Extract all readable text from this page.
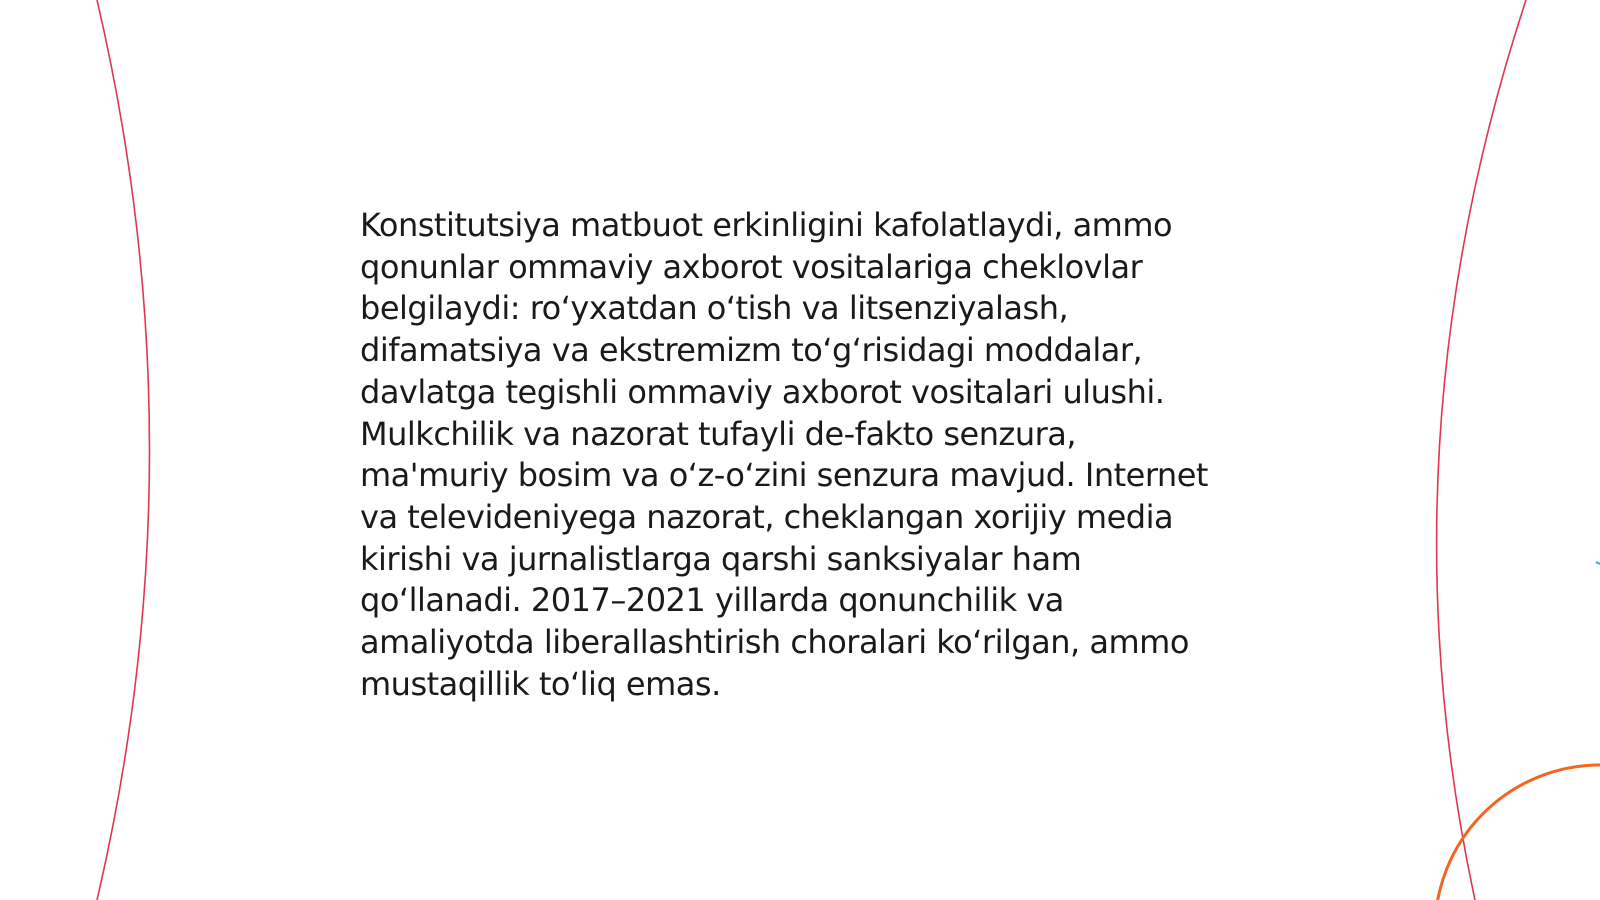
Konstitutsiya matbuot erkinligini kafolatlaydi, ammo
qonunlar ommaviy axborot vositalariga cheklovlar
belgilaydi: ro‘yxatdan o‘tish va litsenziyalash,
difamatsiya va ekstremizm to‘g‘risidagi moddalar,
davlatga tegishli ommaviy axborot vositalari ulushi.
Mulkchilik va nazorat tufayli de-fakto senzura,
ma'muriy bosim va o‘z-o‘zini senzura mavjud. Internet
va televideniyega nazorat, cheklangan xorijiy media
kirishi va jurnalistlarga qarshi sanksiyalar ham
qo‘llanadi. 2017–2021 yillarda qonunchilik va
amaliyotda liberallashtirish choralari ko‘rilgan, ammo
mustaqillik to‘liq emas.
